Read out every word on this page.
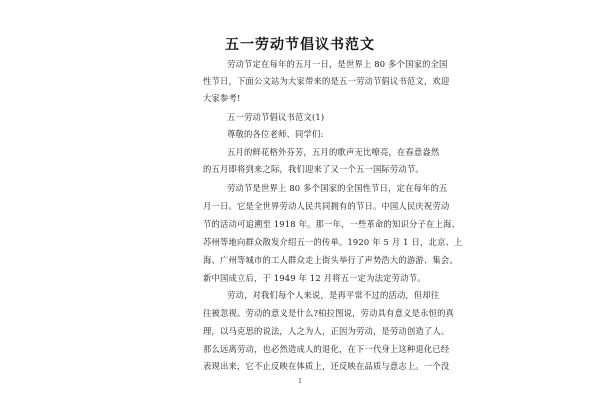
五一劳动节倡议书范文
劳动节定在每年的五月一日，是世界上 80 多个国家的全国
性节日，下面公文站为大家带来的是五一劳动节倡议书范文，欢迎
大家参考!
五一劳动节倡议书范文(1)
尊敬的各位老师、同学们:
五月的鲜花格外芬芳，五月的歌声无比嘹亮，在春意盎然
的五月即将到来之际，我们迎来了又一个五一国际劳动节。
劳动节是世界上 80 多个国家的全国性节日，定在每年的五
月一日。它是全世界劳动人民共同拥有的节日。中国人民庆祝劳动
节的活动可追溯至 1918 年。那一年，一些革命的知识分子在上海、
苏州等地向群众散发介绍五一的传单。1920 年 5 月 1 日，北京、上
海、广州等城市的工人群众走上街头举行了声势浩大的游游、集会。
新中国成立后，于 1949 年 12 月将五一定为法定劳动节。
劳动，对我们每个人来说，是再平常不过的活动，但却往
往被忽视。劳动的意义是什么?柏拉图说，劳动具有意义是永恒的真
理，以马克思的说法，人之为人，正因为劳动，是劳动创造了人。
那么远离劳动，也必然造成人的退化，在下一代身上这种退化已经
表现出来，它不止反映在体质上，还反映在品质与意志上。一个没
1
